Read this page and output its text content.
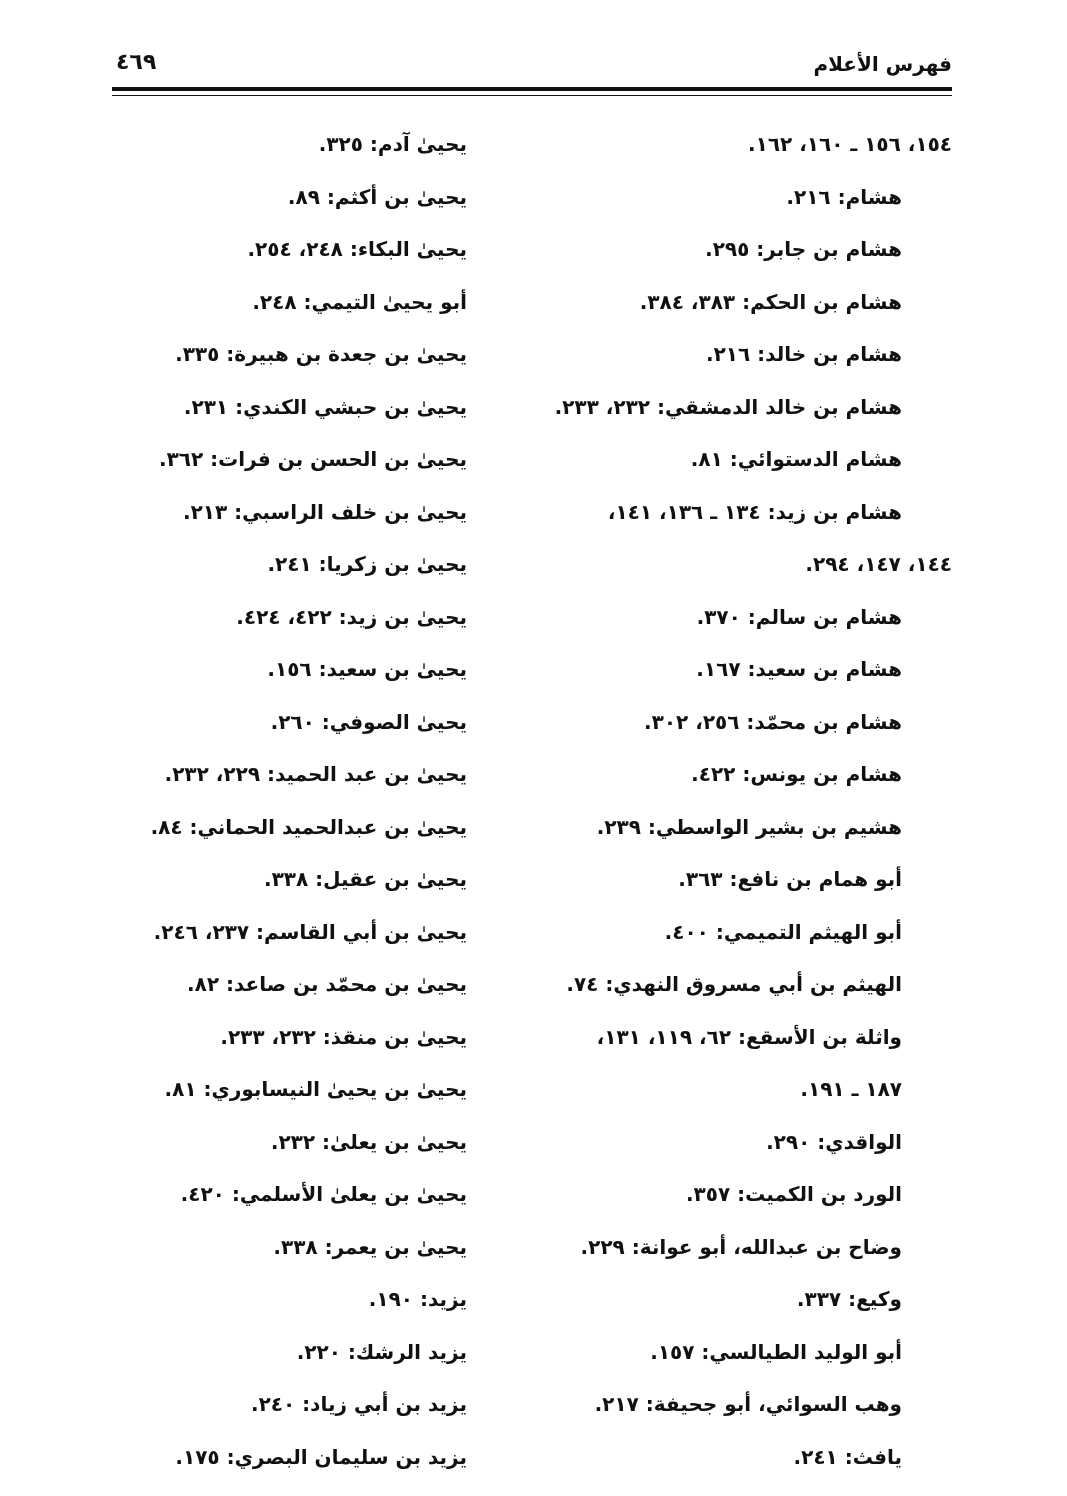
فهرس الأعلام
٤٦٩
١٥٤، ١٥٦ ـ ١٦٠، ١٦٢.
هشام: ٢١٦.
هشام بن جابر: ٢٩٥.
هشام بن الحكم: ٣٨٣، ٣٨٤.
هشام بن خالد: ٢١٦.
هشام بن خالد الدمشقي: ٢٣٢، ٢٣٣.
هشام الدستوائي: ٨١.
هشام بن زيد: ١٣٤ ـ ١٣٦، ١٤١،
١٤٤، ١٤٧، ٢٩٤.
هشام بن سالم: ٣٧٠.
هشام بن سعيد: ١٦٧.
هشام بن محمّد: ٢٥٦، ٣٠٢.
هشام بن يونس: ٤٢٢.
هشيم بن بشير الواسطي: ٢٣٩.
أبو همام بن نافع: ٣٦٣.
أبو الهيثم التميمي: ٤٠٠.
الهيثم بن أبي مسروق النهدي: ٧٤.
واثلة بن الأسقع: ٦٢، ١١٩، ١٣١،
١٨٧ ـ ١٩١.
الواقدي: ٢٩٠.
الورد بن الكميت: ٣٥٧.
وضاح بن عبدالله، أبو عوانة: ٢٢٩.
وكيع: ٣٣٧.
أبو الوليد الطيالسي: ١٥٧.
وهب السوائي، أبو جحيفة: ٢١٧.
يافث: ٢٤١.
يحيىٰ آدم: ٣٢٥.
يحيىٰ بن أكثم: ٨٩.
يحيىٰ البكاء: ٢٤٨، ٢٥٤.
أبو يحيىٰ التيمي: ٢٤٨.
يحيىٰ بن جعدة بن هبيرة: ٣٣٥.
يحيىٰ بن حبشي الكندي: ٢٣١.
يحيىٰ بن الحسن بن فرات: ٣٦٢.
يحيىٰ بن خلف الراسبي: ٢١٣.
يحيىٰ بن زكريا: ٢٤١.
يحيىٰ بن زيد: ٤٢٢، ٤٢٤.
يحيىٰ بن سعيد: ١٥٦.
يحيىٰ الصوفي: ٢٦٠.
يحيىٰ بن عبد الحميد: ٢٢٩، ٢٣٢.
يحيىٰ بن عبدالحميد الحماني: ٨٤.
يحيىٰ بن عقيل: ٣٣٨.
يحيىٰ بن أبي القاسم: ٢٣٧، ٢٤٦.
يحيىٰ بن محمّد بن صاعد: ٨٢.
يحيىٰ بن منقذ: ٢٣٢، ٢٣٣.
يحيىٰ بن يحيىٰ النيسابوري: ٨١.
يحيىٰ بن يعلىٰ: ٢٣٢.
يحيىٰ بن يعلىٰ الأسلمي: ٤٢٠.
يحيىٰ بن يعمر: ٣٣٨.
يزيد: ١٩٠.
يزيد الرشك: ٢٢٠.
يزيد بن أبي زياد: ٢٤٠.
يزيد بن سليمان البصري: ١٧٥.
